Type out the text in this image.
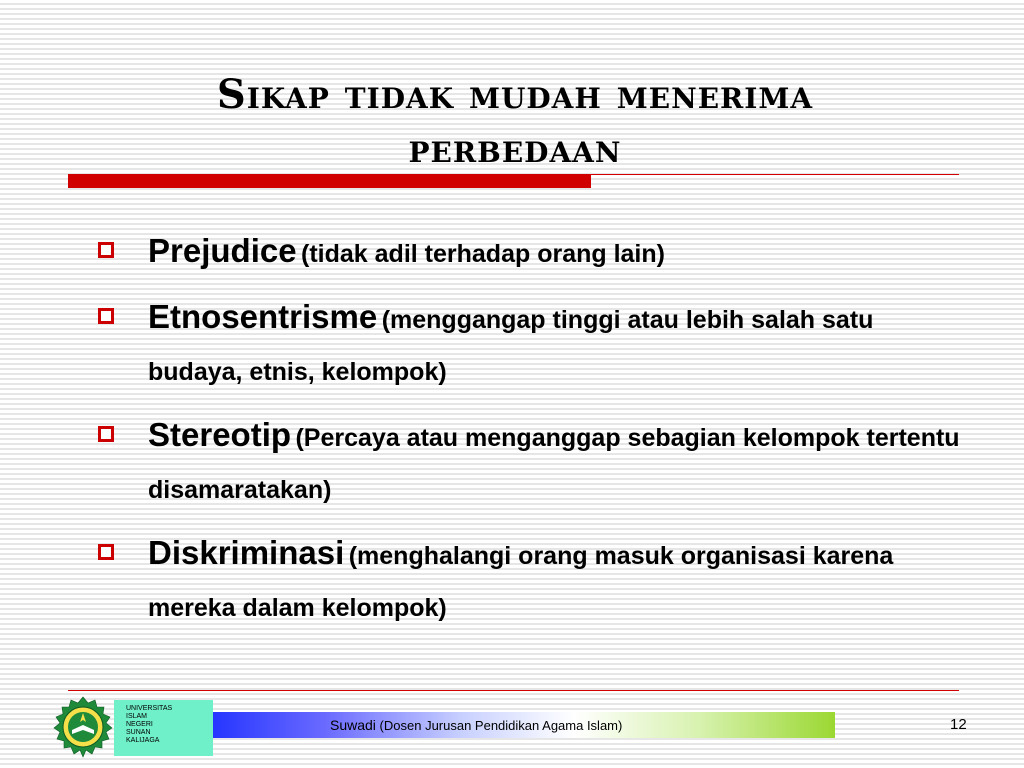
Sikap tidak mudah menerima
perbedaan
Prejudice (tidak adil terhadap orang lain)
Etnosentrisme (menggangap tinggi atau lebih salah satu budaya, etnis, kelompok)
Stereotip (Percaya atau menganggap sebagian kelompok tertentu disamaratakan)
Diskriminasi (menghalangi orang masuk organisasi karena mereka dalam kelompok)
UNIVERSITAS
ISLAM
NEGERI
SUNAN
KALIJAGA
Suwadi (Dosen Jurusan Pendidikan Agama Islam)	12
